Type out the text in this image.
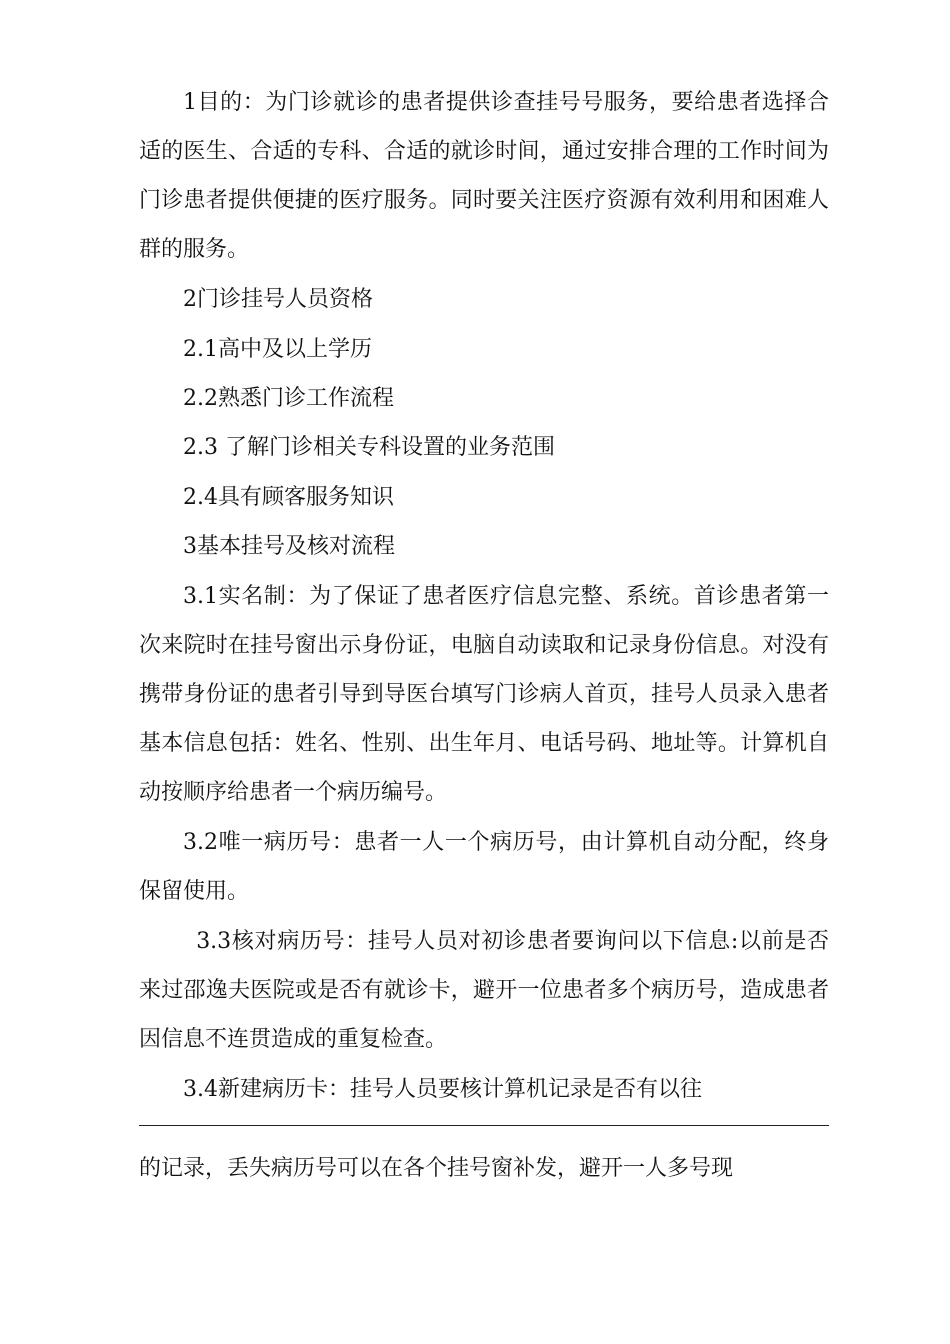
1目的：为门诊就诊的患者提供诊查挂号号服务，要给患者选择合适的医生、合适的专科、合适的就诊时间，通过安排合理的工作时间为门诊患者提供便捷的医疗服务。同时要关注医疗资源有效利用和困难人群的服务。

2门诊挂号人员资格

2.1高中及以上学历

2.2熟悉门诊工作流程

2.3 了解门诊相关专科设置的业务范围

2.4具有顾客服务知识

3基本挂号及核对流程

3.1实名制：为了保证了患者医疗信息完整、系统。首诊患者第一次来院时在挂号窗出示身份证，电脑自动读取和记录身份信息。对没有携带身份证的患者引导到导医台填写门诊病人首页，挂号人员录入患者基本信息包括：姓名、性别、出生年月、电话号码、地址等。计算机自动按顺序给患者一个病历编号。

3.2唯一病历号：患者一人一个病历号，由计算机自动分配，终身保留使用。

3.3核对病历号：挂号人员对初诊患者要询问以下信息:以前是否来过邵逸夫医院或是否有就诊卡，避开一位患者多个病历号，造成患者因信息不连贯造成的重复检查。

3.4新建病历卡：挂号人员要核计算机记录是否有以往

的记录，丢失病历号可以在各个挂号窗补发，避开一人多号现
